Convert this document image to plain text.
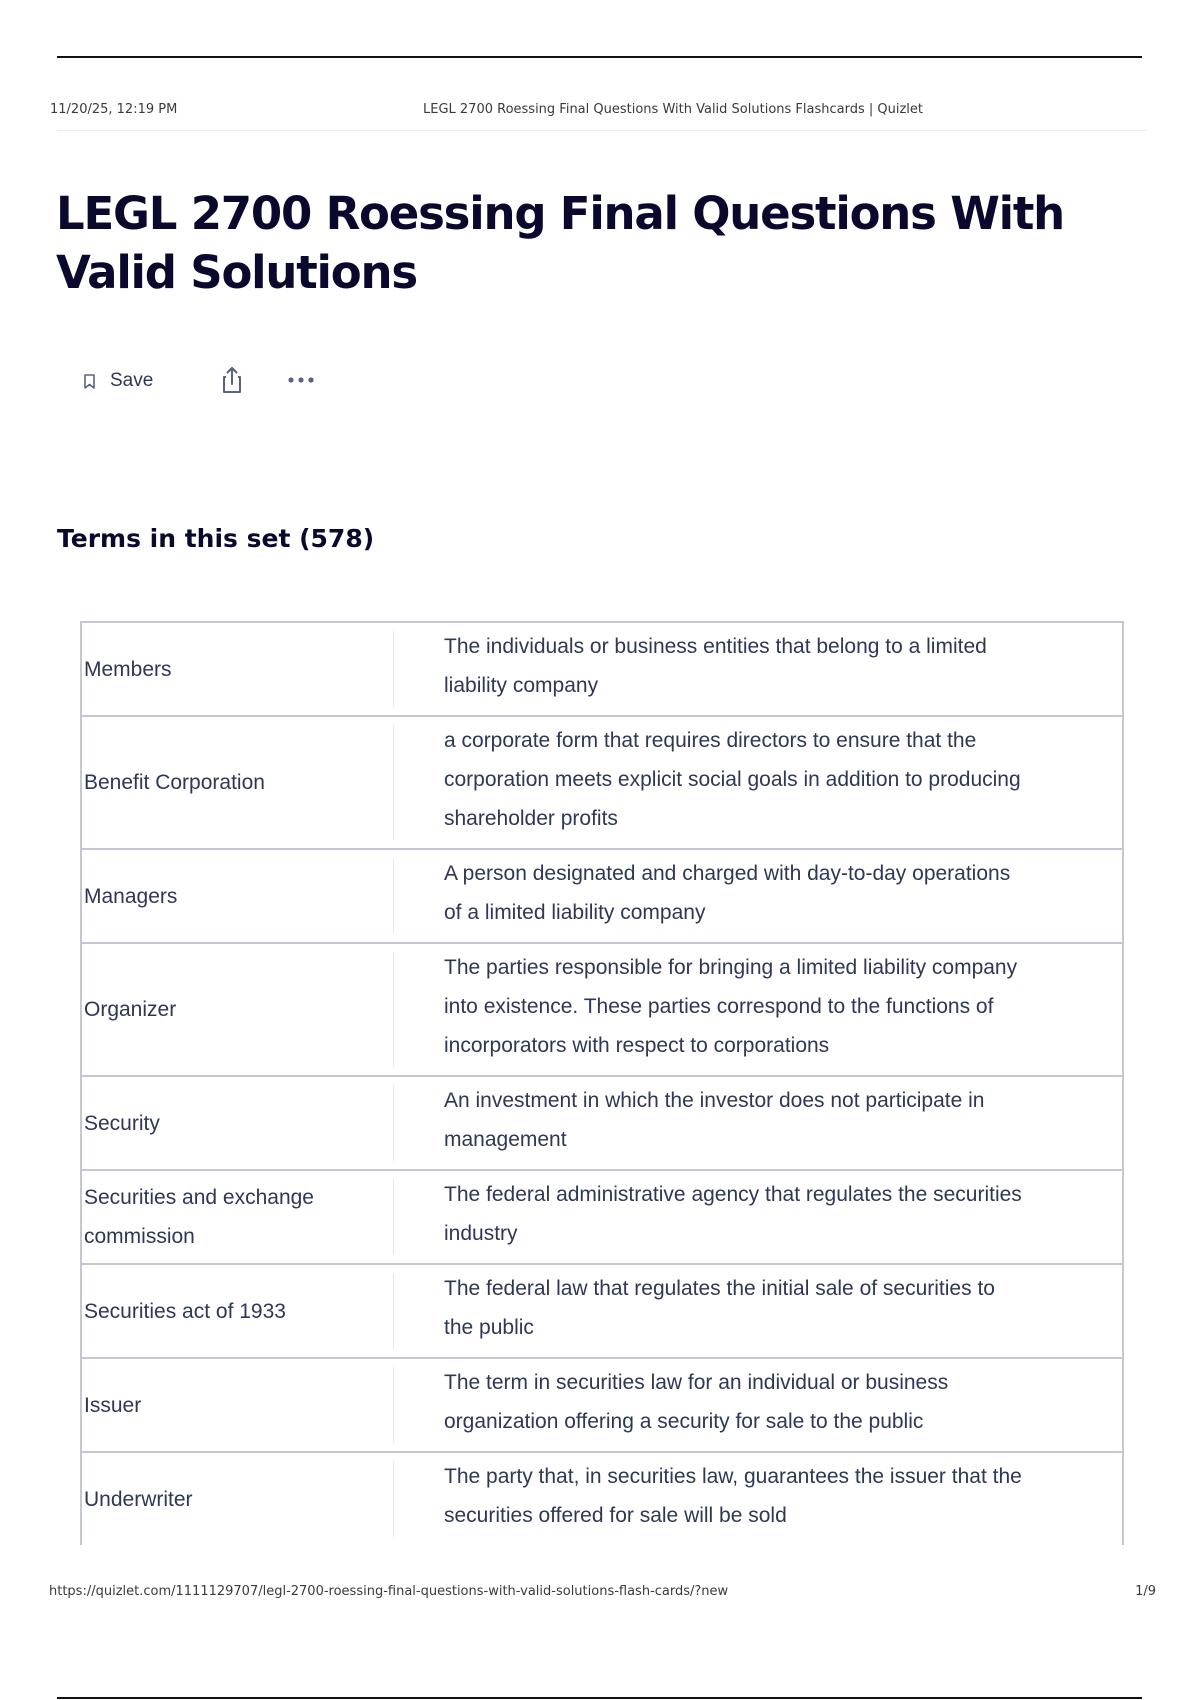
11/20/25, 12:19 PM	LEGL 2700 Roessing Final Questions With Valid Solutions Flashcards | Quizlet
LEGL 2700 Roessing Final Questions With Valid Solutions
Save
Terms in this set (578)
Members	The individuals or business entities that belong to a limited liability company
Benefit Corporation	a corporate form that requires directors to ensure that the corporation meets explicit social goals in addition to producing shareholder profits
Managers	A person designated and charged with day-to-day operations of a limited liability company
Organizer	The parties responsible for bringing a limited liability company into existence. These parties correspond to the functions of incorporators with respect to corporations
Security	An investment in which the investor does not participate in management
Securities and exchange commission	The federal administrative agency that regulates the securities industry
Securities act of 1933	The federal law that regulates the initial sale of securities to the public
Issuer	The term in securities law for an individual or business organization offering a security for sale to the public
Underwriter	The party that, in securities law, guarantees the issuer that the securities offered for sale will be sold
https://quizlet.com/1111129707/legl-2700-roessing-final-questions-with-valid-solutions-flash-cards/?new	1/9
